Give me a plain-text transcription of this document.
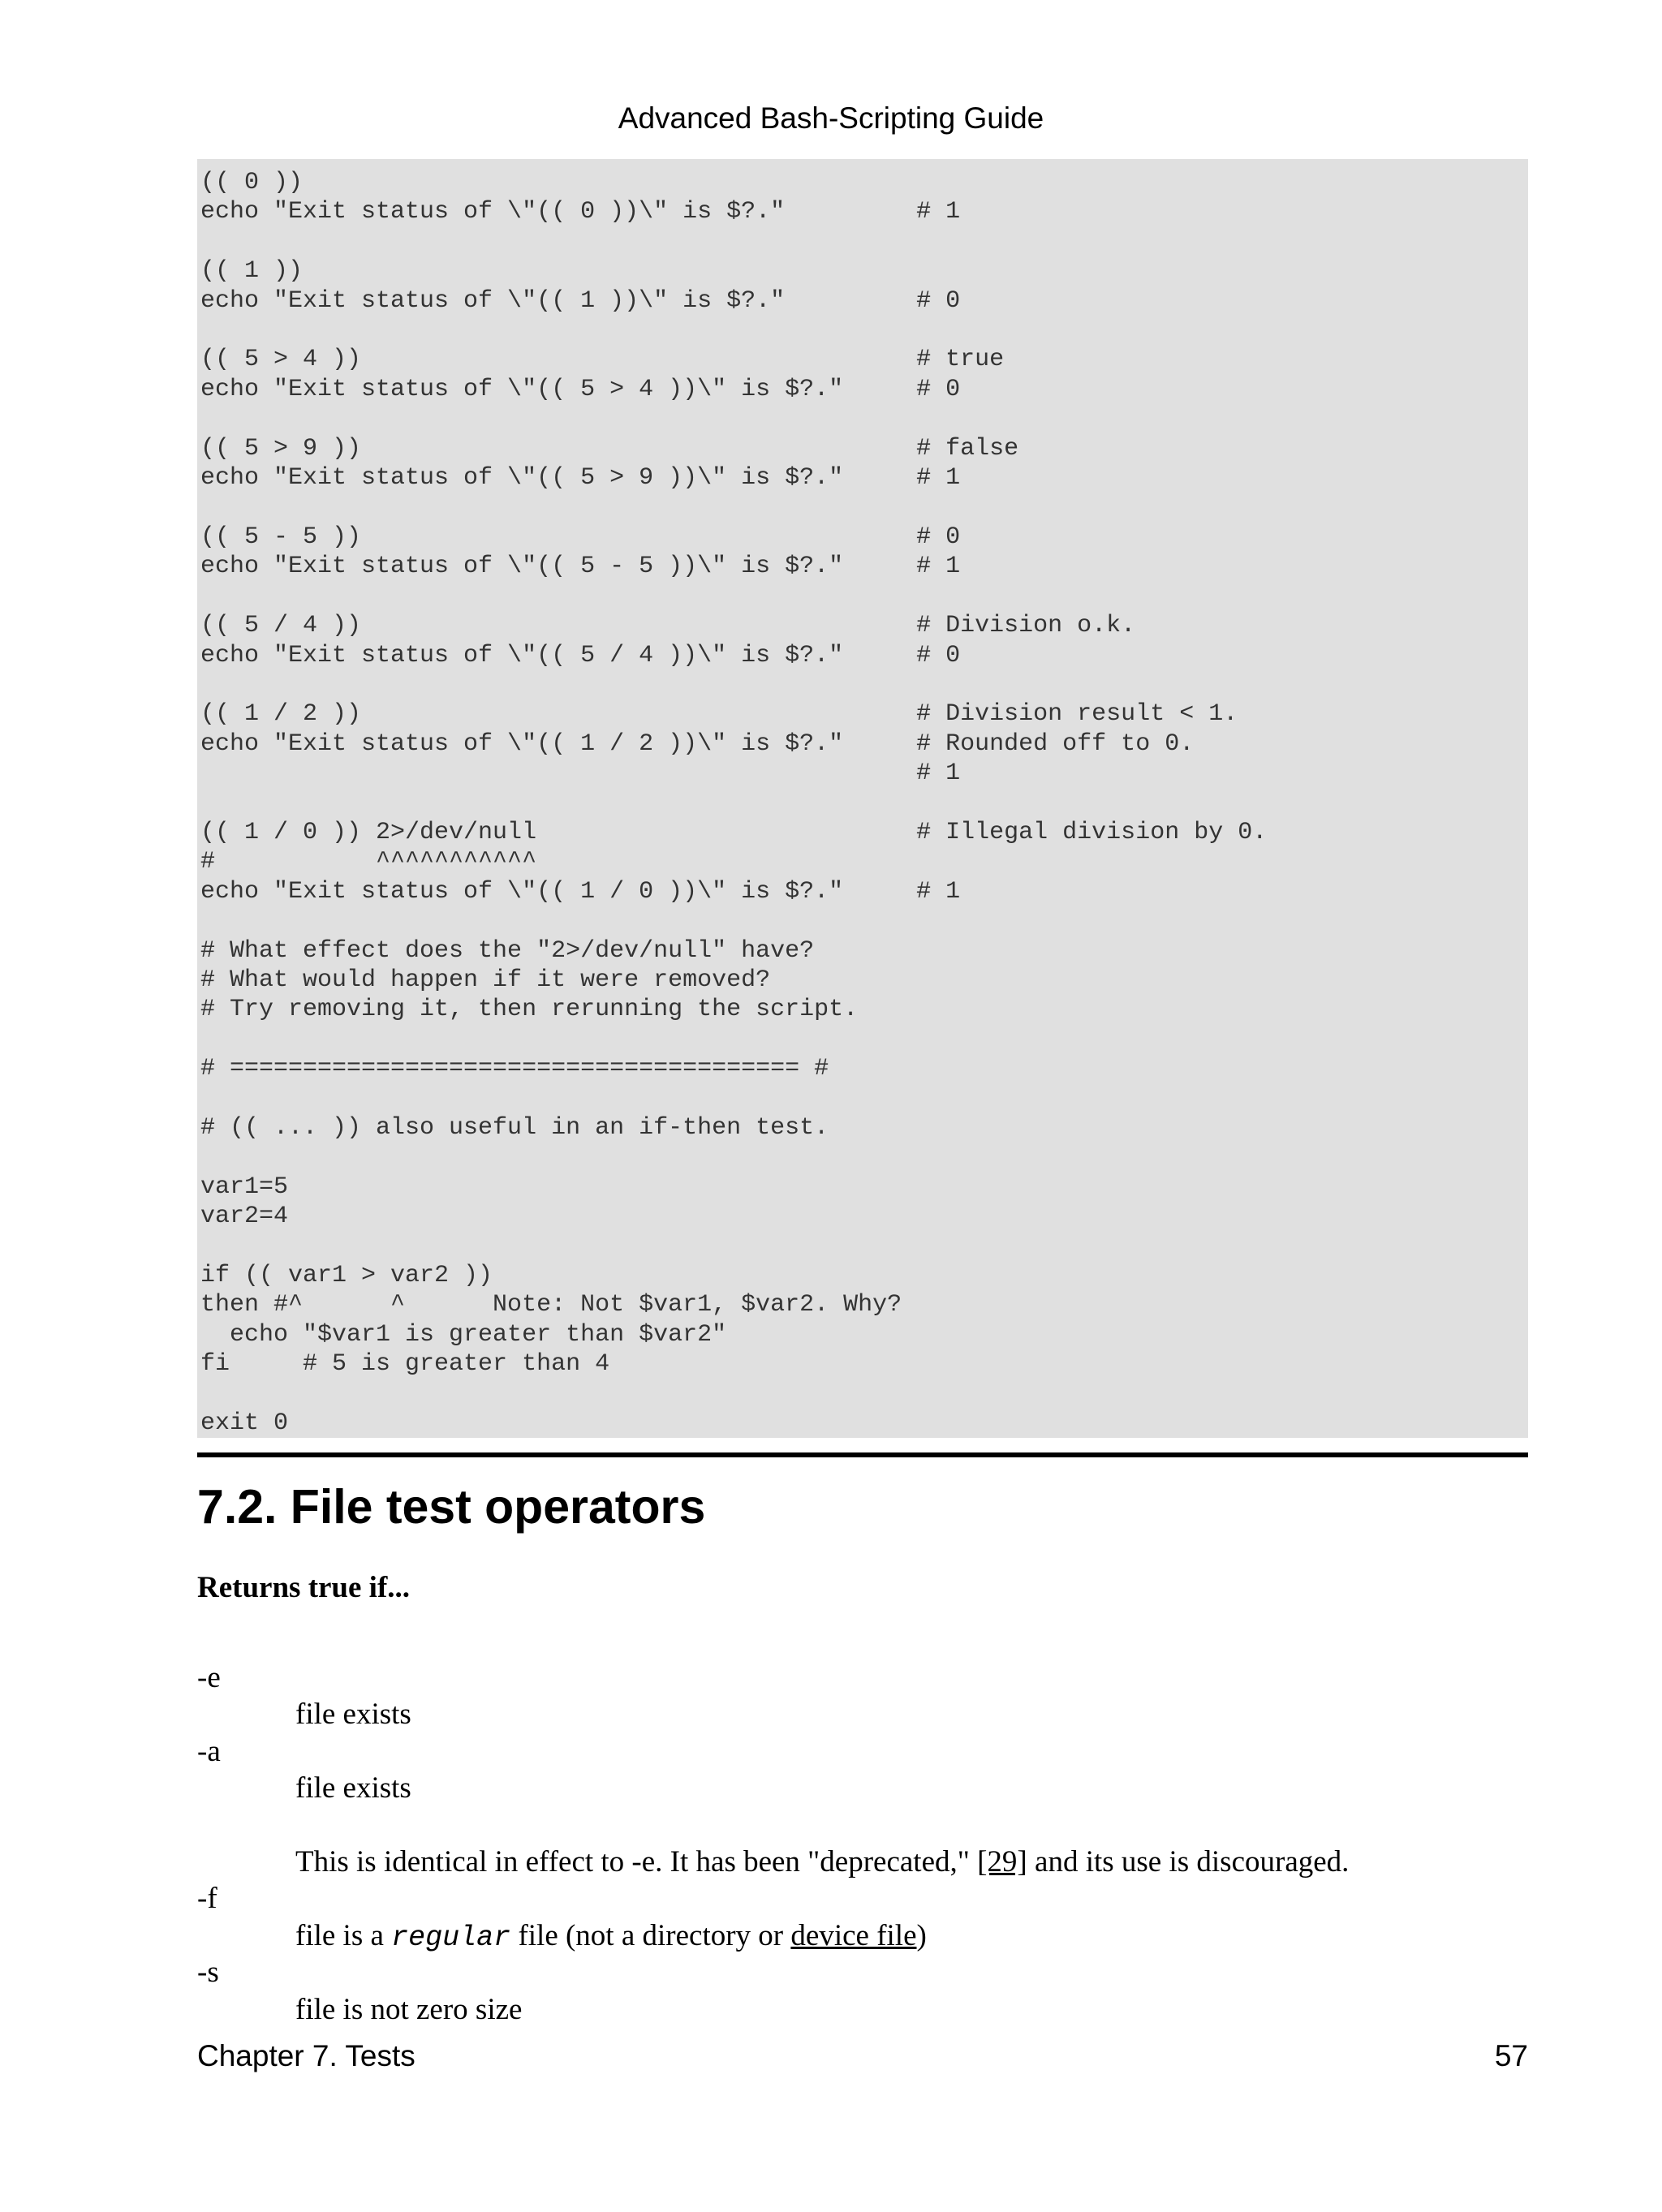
Advanced Bash-Scripting Guide
(( 0 ))
echo "Exit status of \"(( 0 ))\" is $?."         # 1

(( 1 ))
echo "Exit status of \"(( 1 ))\" is $?."         # 0

(( 5 > 4 ))                                      # true
echo "Exit status of \"(( 5 > 4 ))\" is $?."     # 0

(( 5 > 9 ))                                      # false
echo "Exit status of \"(( 5 > 9 ))\" is $?."     # 1

(( 5 - 5 ))                                      # 0
echo "Exit status of \"(( 5 - 5 ))\" is $?."     # 1

(( 5 / 4 ))                                      # Division o.k.
echo "Exit status of \"(( 5 / 4 ))\" is $?."     # 0

(( 1 / 2 ))                                      # Division result < 1.
echo "Exit status of \"(( 1 / 2 ))\" is $?."     # Rounded off to 0.
# 1

(( 1 / 0 )) 2>/dev/null                          # Illegal division by 0.
#           ^^^^^^^^^^^
echo "Exit status of \"(( 1 / 0 ))\" is $?."     # 1

# What effect does the "2>/dev/null" have?
# What would happen if it were removed?
# Try removing it, then rerunning the script.

# ======================================= #

# (( ... )) also useful in an if-then test.

var1=5
var2=4

if (( var1 > var2 ))
then #^      ^      Note: Not $var1, $var2. Why?
echo "$var1 is greater than $var2"
fi     # 5 is greater than 4

exit 0
7.2. File test operators

Returns true if...

-e
file exists
-a
file exists
This is identical in effect to -e. It has been "deprecated," [29] and its use is discouraged.
-f
file is a regular file (not a directory or device file)
-s
file is not zero size
Chapter 7. Tests	57
